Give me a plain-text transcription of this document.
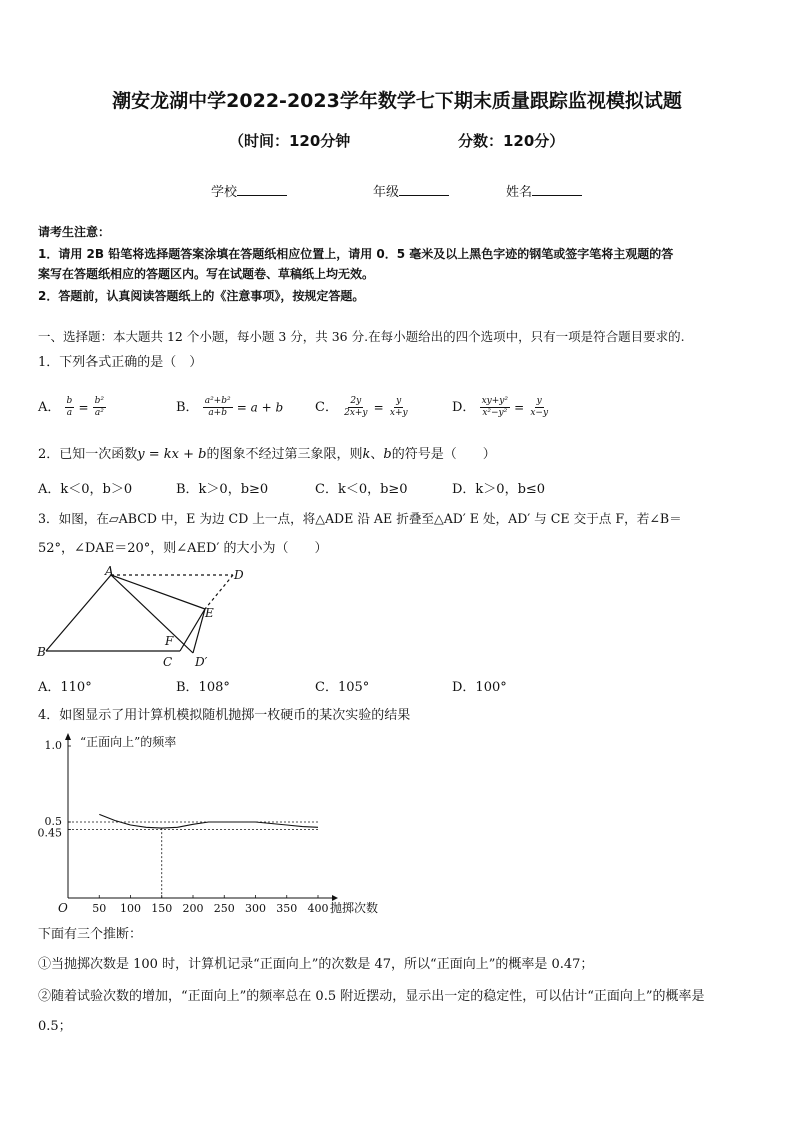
潮安龙湖中学2022-2023学年数学七下期末质量跟踪监视模拟试题
（时间：120分钟	分数：120分）
学校	年级	姓名
请考生注意：
1．请用 2B 铅笔将选择题答案涂填在答题纸相应位置上，请用 0．5 毫米及以上黑色字迹的钢笔或签字笔将主观题的答
案写在答题纸相应的答题区内。写在试题卷、草稿纸上均无效。
2．答题前，认真阅读答题纸上的《注意事项》，按规定答题。
一、选择题：本大题共 12 个小题，每小题 3 分，共 36 分.在每小题给出的四个选项中，只有一项是符合题目要求的.
1．下列各式正确的是（　）
A． $\frac{b}{a} = \frac{\text{b²}}{\text{a²}}$	B． $\frac{\text{a²+b²}}{a+b} = a + b$ C． $\frac{2y}{2x+y} = \frac{y}{x+y}$	D． $\frac{\text{xy+y²}}{\text{x²−y²}} = \frac{y}{x-y}$
2．已知一次函数y = kx + b的图象不经过第三象限，则k、b的符号是（　　）
A．k＜0，b＞0	B．k＞0，b≥0	C．k＜0，b≥0	D．k＞0，b≤0
3．如图，在▱ABCD 中，E 为边 CD 上一点，将△ADE 沿 AE 折叠至△AD′ E 处，AD′ 与 CE 交于点 F，若∠B＝
52°，∠DAE＝20°，则∠AED′ 的大小为（　　）
A
B
C
D
E
F
D′
A．110°	B．108°	C．105°	D．100°
4．如图显示了用计算机模拟随机抛掷一枚硬币的某次实验的结果
50 100 150 200 250 300 350 400
1.0
0.5
0.45
O
“正面向上”的频率
抛掷次数
下面有三个推断：
①当抛掷次数是 100 时，计算机记录“正面向上”的次数是 47，所以“正面向上”的概率是 0.47；
②随着试验次数的增加，“正面向上”的频率总在 0.5 附近摆动，显示出一定的稳定性，可以估计“正面向上”的概率是
0.5；
